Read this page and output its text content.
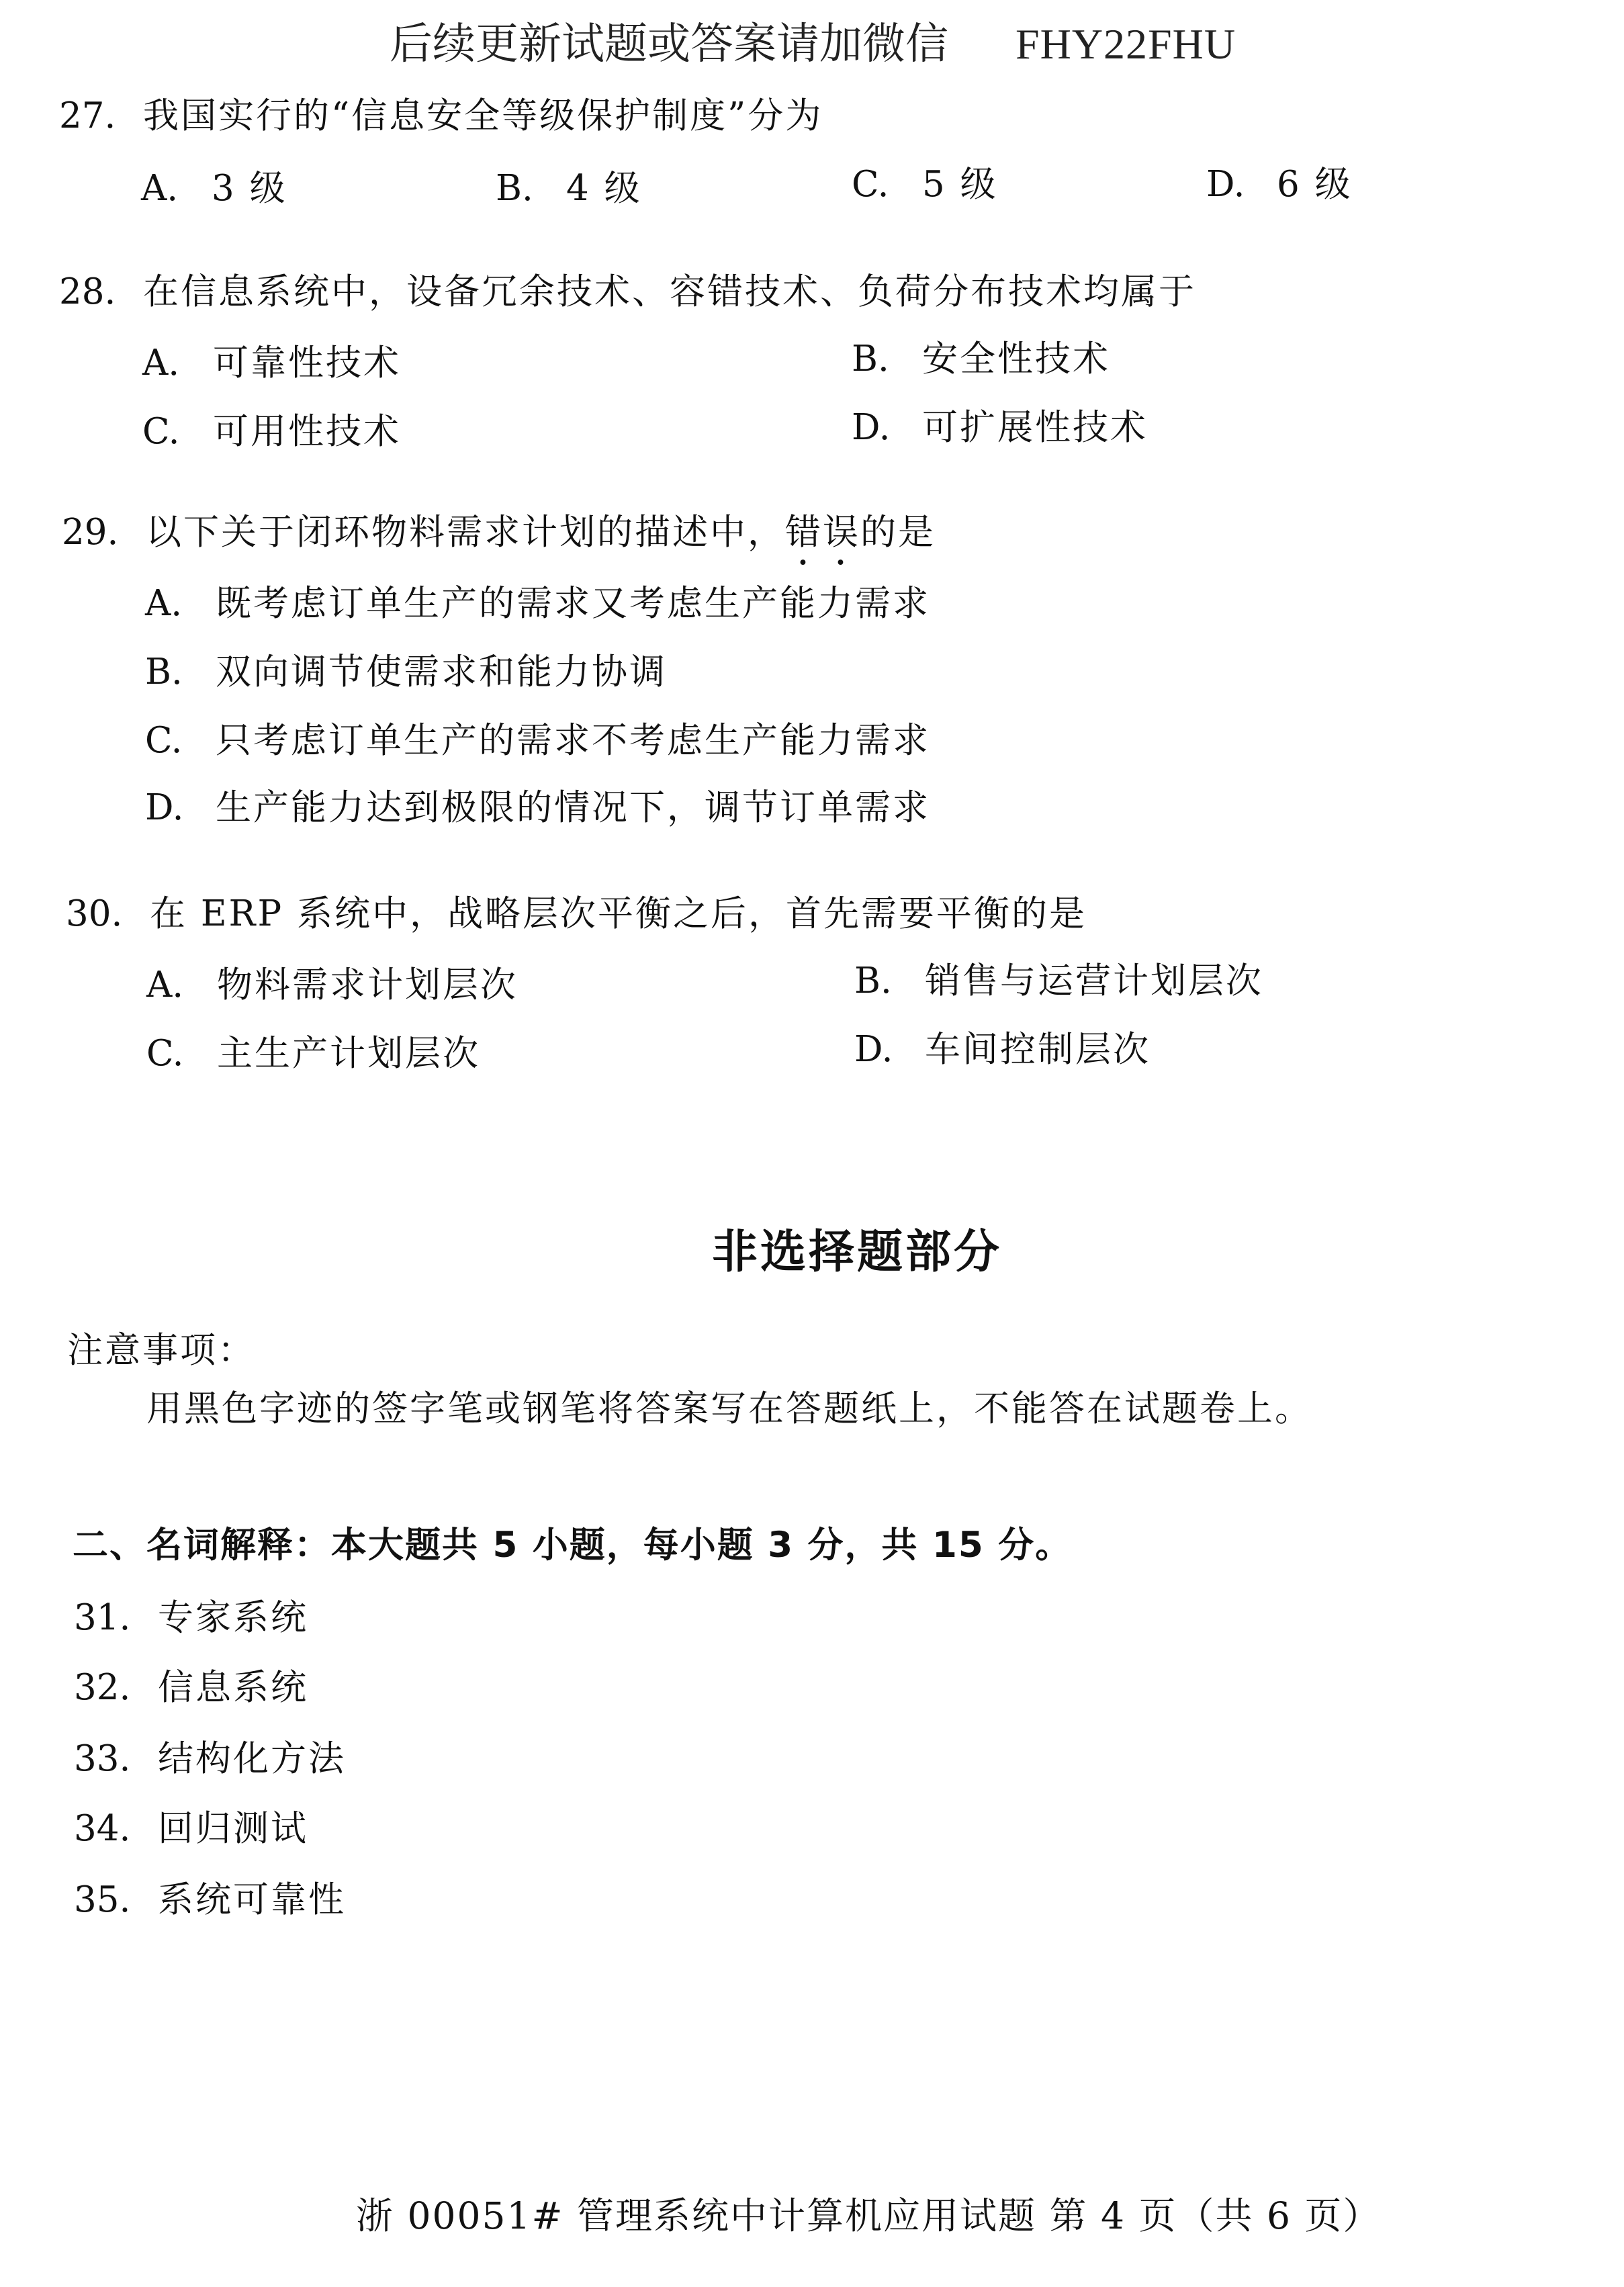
后续更新试题或答案请加微信 FHY22FHU
27. 我国实行的“信息安全等级保护制度”分为
A. 3 级	B. 4 级	C. 5 级	D. 6 级
28. 在信息系统中，设备冗余技术、容错技术、负荷分布技术均属于
A. 可靠性技术	B. 安全性技术
C. 可用性技术	D. 可扩展性技术
29. 以下关于闭环物料需求计划的描述中，错误的是
A. 既考虑订单生产的需求又考虑生产能力需求
B. 双向调节使需求和能力协调
C. 只考虑订单生产的需求不考虑生产能力需求
D. 生产能力达到极限的情况下，调节订单需求
30. 在 ERP 系统中，战略层次平衡之后，首先需要平衡的是
A. 物料需求计划层次	B. 销售与运营计划层次
C. 主生产计划层次	D. 车间控制层次
非选择题部分
注意事项：
用黑色字迹的签字笔或钢笔将答案写在答题纸上，不能答在试题卷上。
二、名词解释：本大题共 5 小题，每小题 3 分，共 15 分。
31. 专家系统
32. 信息系统
33. 结构化方法
34. 回归测试
35. 系统可靠性
浙 00051# 管理系统中计算机应用试题 第 4 页（共 6 页）
